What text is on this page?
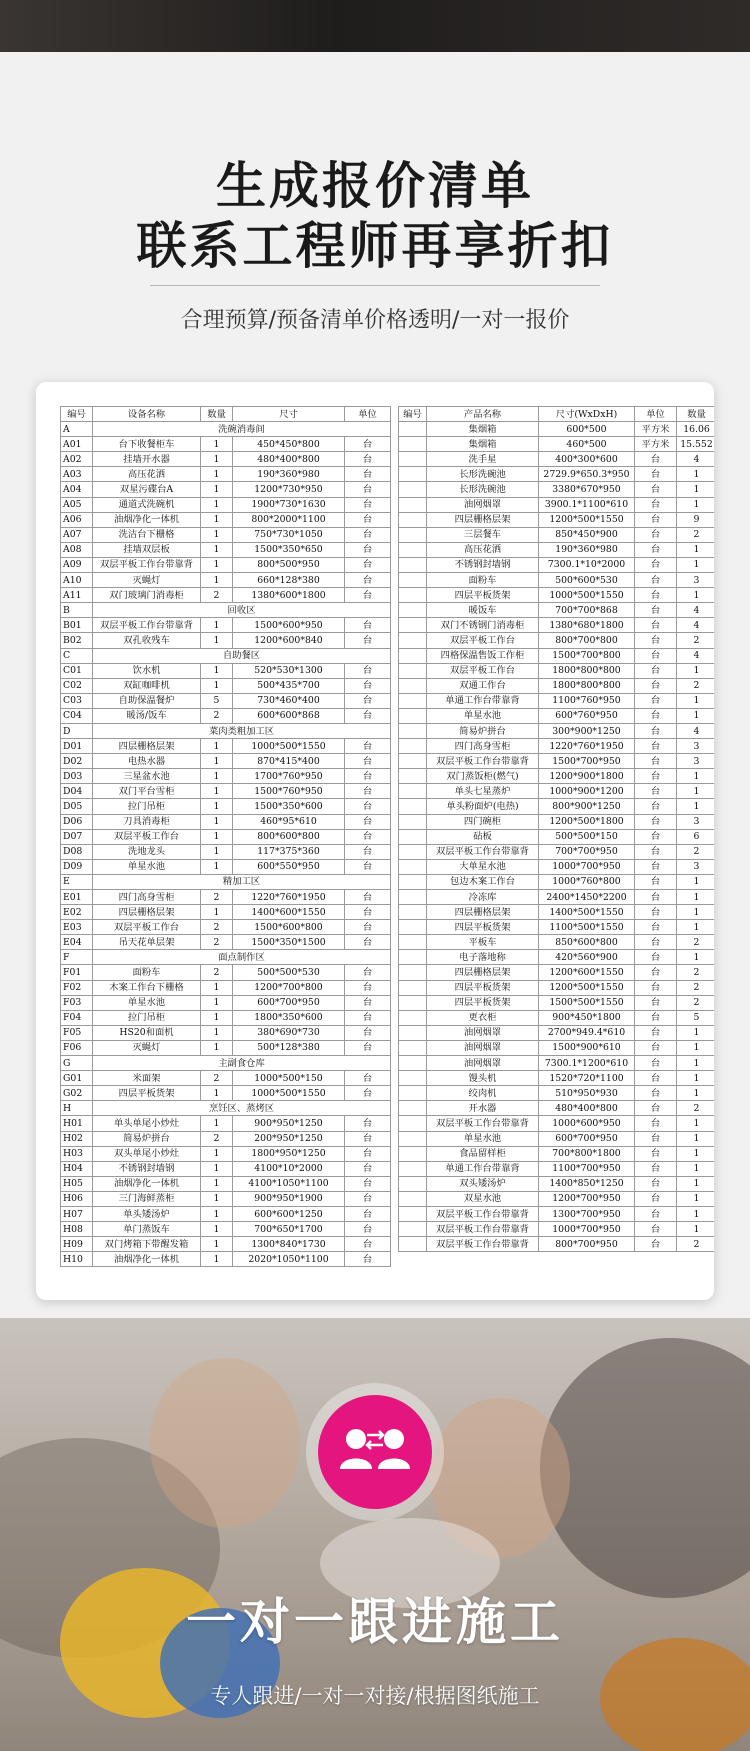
生成报价清单
联系工程师再享折扣
合理预算/预备清单价格透明/一对一报价
编号	设备名称	数量	尺寸	单位
A	洗碗消毒间			
A01	台下收餐柜车	1	450*450*800	台
A02	挂墙开水器	1	480*400*800	台
A03	高压花洒	1	190*360*980	台
A04	双星污碟台A	1	1200*730*950	台
A05	通道式洗碗机	1	1900*730*1630	台
A06	油烟净化一体机	1	800*2000*1100	台
A07	洗洁台下栅格	1	750*730*1050	台
A08	挂墙双层板	1	1500*350*650	台
A09	双层平板工作台带靠背	1	800*500*950	台
A10	灭蝇灯	1	660*128*380	台
A11	双门玻璃门消毒柜	2	1380*600*1800	台
B	回收区			
B01	双层平板工作台带靠背	1	1500*600*950	台
B02	双孔收残车	1	1200*600*840	台
C	自助餐区			
C01	饮水机	1	520*530*1300	台
C02	双缸咖啡机	1	500*435*700	台
C03	自助保温餐炉	5	730*460*400	台
C04	暖汤/饭车	2	600*600*868	台
D	菜肉类粗加工区			
D01	四层栅格层架	1	1000*500*1550	台
D02	电热水器	1	870*415*400	台
D03	三星盆水池	1	1700*760*950	台
D04	双门平台雪柜	1	1500*760*950	台
D05	拉门吊柜	1	1500*350*600	台
D06	刀具消毒柜	1	460*95*610	台
D07	双层平板工作台	1	800*600*800	台
D08	洗地龙头	1	117*375*360	台
D09	单星水池	1	600*550*950	台
E	精加工区			
E01	四门高身雪柜	2	1220*760*1950	台
E02	四层栅格层架	1	1400*600*1550	台
E03	双层平板工作台	2	1500*600*800	台
E04	吊天花单层架	2	1500*350*1500	台
F	面点制作区			
F01	面粉车	2	500*500*530	台
F02	木案工作台下栅格	1	1200*700*800	台
F03	单星水池	1	600*700*950	台
F04	拉门吊柜	1	1800*350*600	台
F05	HS20和面机	1	380*690*730	台
F06	灭蝇灯	1	500*128*380	台
G	主副食仓库			
G01	米面架	2	1000*500*150	台
G02	四层平板货架	1	1000*500*1550	台
H	烹饪区、蒸烤区			
H01	单头单尾小炒灶	1	900*950*1250	台
H02	简易炉拼台	2	200*950*1250	台
H03	双头单尾小炒灶	1	1800*950*1250	台
H04	不锈钢封墙钢	1	4100*10*2000	台
H05	油烟净化一体机	1	4100*1050*1100	台
H06	三门海鲜蒸柜	1	900*950*1900	台
H07	单头矮汤炉	1	600*600*1250	台
H08	单门蒸饭车	1	700*650*1700	台
H09	双门烤箱下带醒发箱	1	1300*840*1730	台
H10	油烟净化一体机	1	2020*1050*1100	台
编号	产品名称	尺寸(WxDxH)	单位	数量
	集烟箱	600*500	平方米	16.06
	集烟箱	460*500	平方米	15.552
	洗手星	400*300*600	台	4
	长形洗碗池	2729.9*650.3*950	台	1
	长形洗碗池	3380*670*950	台	1
	油网烟罩	3900.1*1100*610	台	1
	四层栅格层架	1200*500*1550	台	9
	三层餐车	850*450*900	台	2
	高压花洒	190*360*980	台	1
	不锈钢封墙钢	7300.1*10*2000	台	1
	面粉车	500*600*530	台	3
	四层平板货架	1000*500*1550	台	1
	暖饭车	700*700*868	台	4
	双门不锈钢门消毒柜	1380*680*1800	台	4
	双层平板工作台	800*700*800	台	2
	四格保温售饭工作柜	1500*700*800	台	4
	双层平板工作台	1800*800*800	台	1
	双通工作台	1800*800*800	台	2
	单通工作台带靠背	1100*760*950	台	1
	单星水池	600*760*950	台	1
	简易炉拼台	300*900*1250	台	4
	四门高身雪柜	1220*760*1950	台	3
	双层平板工作台带靠背	1500*700*950	台	3
	双门蒸饭柜(燃气)	1200*900*1800	台	1
	单头七星蒸炉	1000*900*1200	台	1
	单头粉面炉(电热)	800*900*1250	台	1
	四门碗柜	1200*500*1800	台	3
	砧板	500*500*150	台	6
	双层平板工作台带靠背	700*700*950	台	2
	大单星水池	1000*700*950	台	3
	包边木案工作台	1000*760*800	台	1
	冷冻库	2400*1450*2200	台	1
	四层栅格层架	1400*500*1550	台	1
	四层平板货架	1100*500*1550	台	1
	平板车	850*600*800	台	2
	电子落地称	420*560*900	台	1
	四层栅格层架	1200*600*1550	台	2
	四层平板货架	1200*500*1550	台	2
	四层平板货架	1500*500*1550	台	2
	更衣柜	900*450*1800	台	5
	油网烟罩	2700*949.4*610	台	1
	油网烟罩	1500*900*610	台	1
	油网烟罩	7300.1*1200*610	台	1
	馒头机	1520*720*1100	台	1
	绞肉机	510*950*930	台	1
	开水器	480*400*800	台	2
	双层平板工作台带靠背	1000*600*950	台	1
	单星水池	600*700*950	台	1
	食品留样柜	700*800*1800	台	1
	单通工作台带靠背	1100*700*950	台	1
	双头矮汤炉	1400*850*1250	台	1
	双星水池	1200*700*950	台	1
	双层平板工作台带靠背	1300*700*950	台	1
	双层平板工作台带靠背	1000*700*950	台	1
	双层平板工作台带靠背	800*700*950	台	2
一对一跟进施工
专人跟进/一对一对接/根据图纸施工
